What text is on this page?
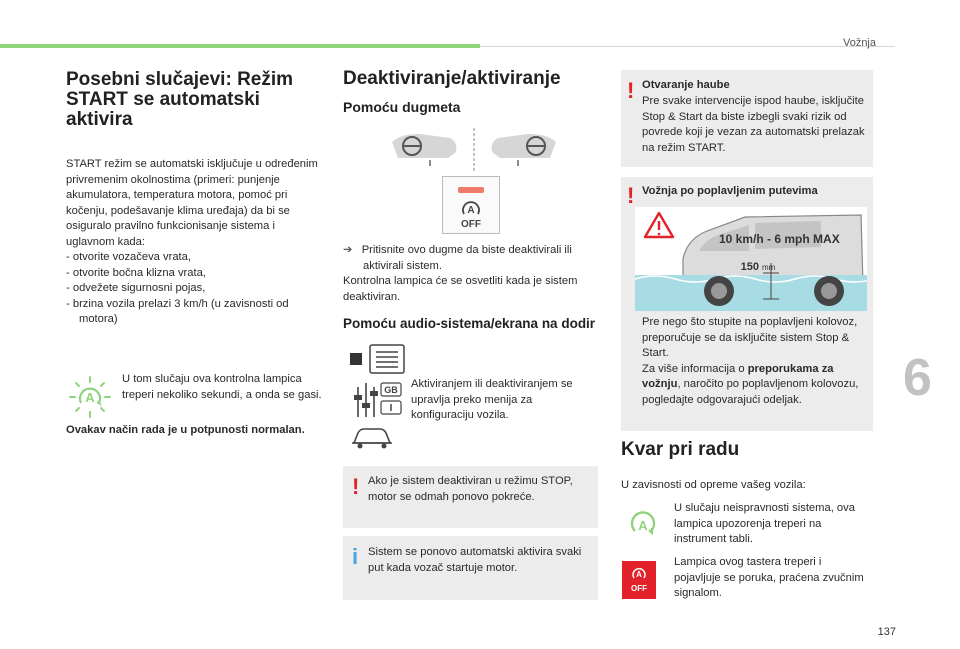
Vožnja
6
137
Posebni slučajevi: Režim START se automatski aktivira

START režim se automatski isključuje u određenim privremenim okolnostima (primeri: punjenje akumulatora, temperatura motora, pomoć pri kočenju, podešavanje klima uređaja) da bi se osiguralo pravilno funkcionisanje sistema i uglavnom kada:

- otvorite vozačeva vrata,
- otvorite bočna klizna vrata,
- odvežete sigurnosni pojas,
- brzina vozila prelazi 3 km/h (u zavisnosti od motora)
A

U tom slučaju ova kontrolna lampica treperi nekoliko sekundi, a onda se gasi.

Ovakav način rada je u potpunosti normalan.

Deaktiviranje/aktiviranje
Pomoću dugmeta
A
OFF

➔ Pritisnite ovo dugme da biste deaktivirali ili aktivirali sistem.

Kontrolna lampica će se osvetliti kada je sistem deaktiviran.

Pomoću audio-sistema/ekrana na dodir
GB Aktiviranjem ili deaktiviranjem se upravlja preko menija za konfiguraciju vozila.

! Ako je sistem deaktiviran u režimu STOP, motor se odmah ponovo pokreće.

i Sistem se ponovo automatski aktivira svaki put kada vozač startuje motor.

! Otvaranje haube

Pre svake intervencije ispod haube, isključite Stop & Start da biste izbegli svaki rizik od povrede koji je vezan za automatski prelazak na režim START.

! Vožnja po poplavljenim putevima

10 km/h - 6 mph MAX
150 mm

Pre nego što stupite na poplavljeni kolovoz, preporučuje se da isključite sistem Stop & Start.

Za više informacija o preporukama za vožnju, naročito po poplavljenom kolovozu, pogledajte odgovarajući odeljak.

Kvar pri radu

U zavisnosti od opreme vašeg vozila:

A

U slučaju neispravnosti sistema, ova lampica upozorenja treperi na instrument tabli.

A
OFF

Lampica ovog tastera treperi i pojavljuje se poruka, praćena zvučnim signalom.
